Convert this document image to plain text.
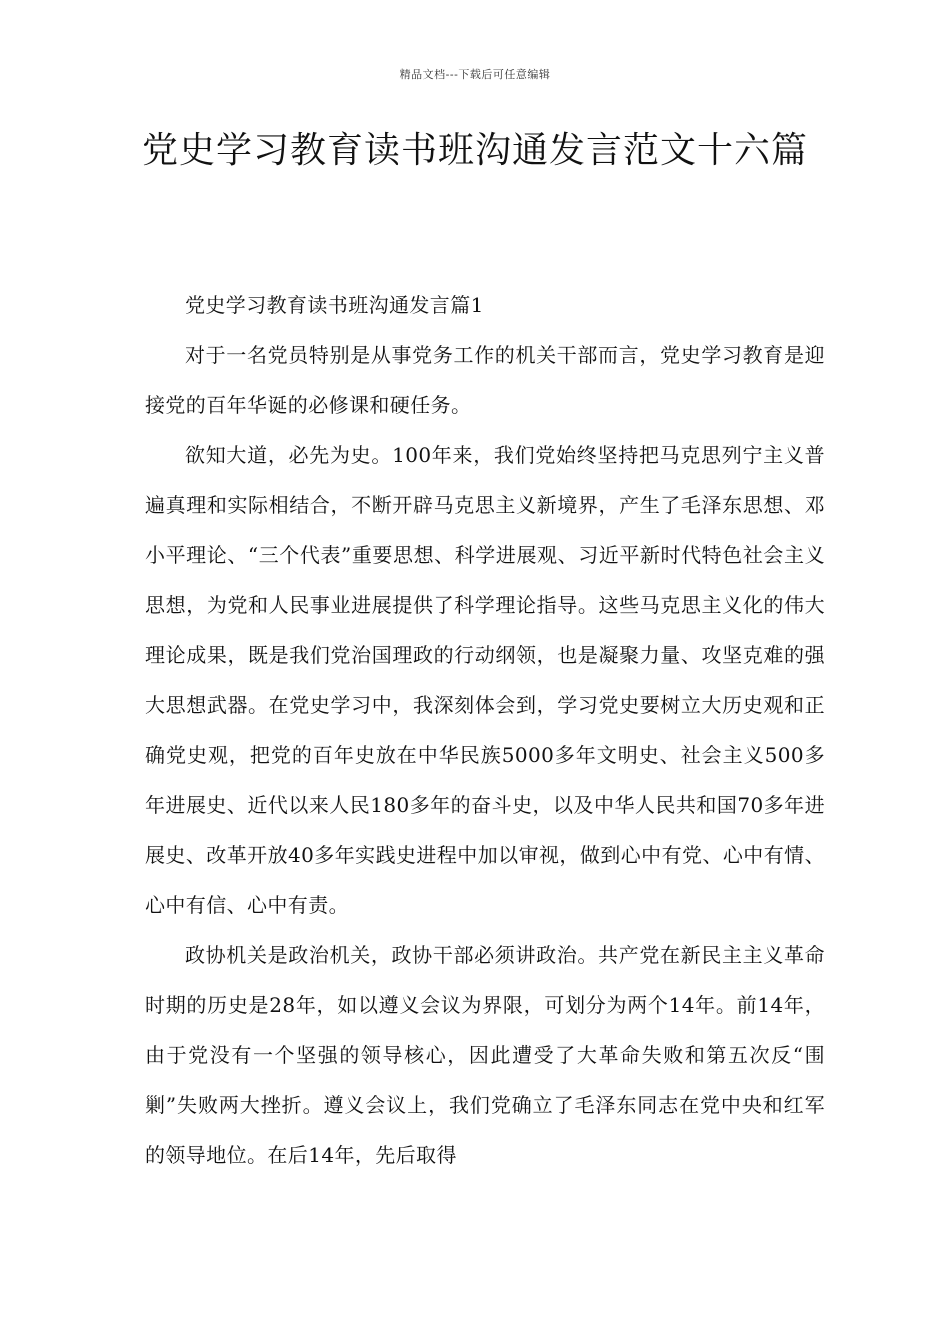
精品文档---下载后可任意编辑
党史学习教育读书班沟通发言范文十六篇

党史学习教育读书班沟通发言篇1

对于一名党员特别是从事党务工作的机关干部而言，党史学习教育是迎接党的百年华诞的必修课和硬任务。

欲知大道，必先为史。100年来，我们党始终坚持把马克思列宁主义普遍真理和实际相结合，不断开辟马克思主义新境界，产生了毛泽东思想、邓小平理论、“三个代表”重要思想、科学进展观、习近平新时代特色社会主义思想，为党和人民事业进展提供了科学理论指导。这些马克思主义化的伟大理论成果，既是我们党治国理政的行动纲领，也是凝聚力量、攻坚克难的强大思想武器。在党史学习中，我深刻体会到，学习党史要树立大历史观和正确党史观，把党的百年史放在中华民族5000多年文明史、社会主义500多年进展史、近代以来人民180多年的奋斗史，以及中华人民共和国70多年进展史、改革开放40多年实践史进程中加以审视，做到心中有党、心中有情、心中有信、心中有责。

政协机关是政治机关，政协干部必须讲政治。共产党在新民主主义革命时期的历史是28年，如以遵义会议为界限，可划分为两个14年。前14年，由于党没有一个坚强的领导核心，因此遭受了大革命失败和第五次反“围剿”失败两大挫折。遵义会议上，我们党确立了毛泽东同志在党中央和红军的领导地位。在后14年，先后取得
